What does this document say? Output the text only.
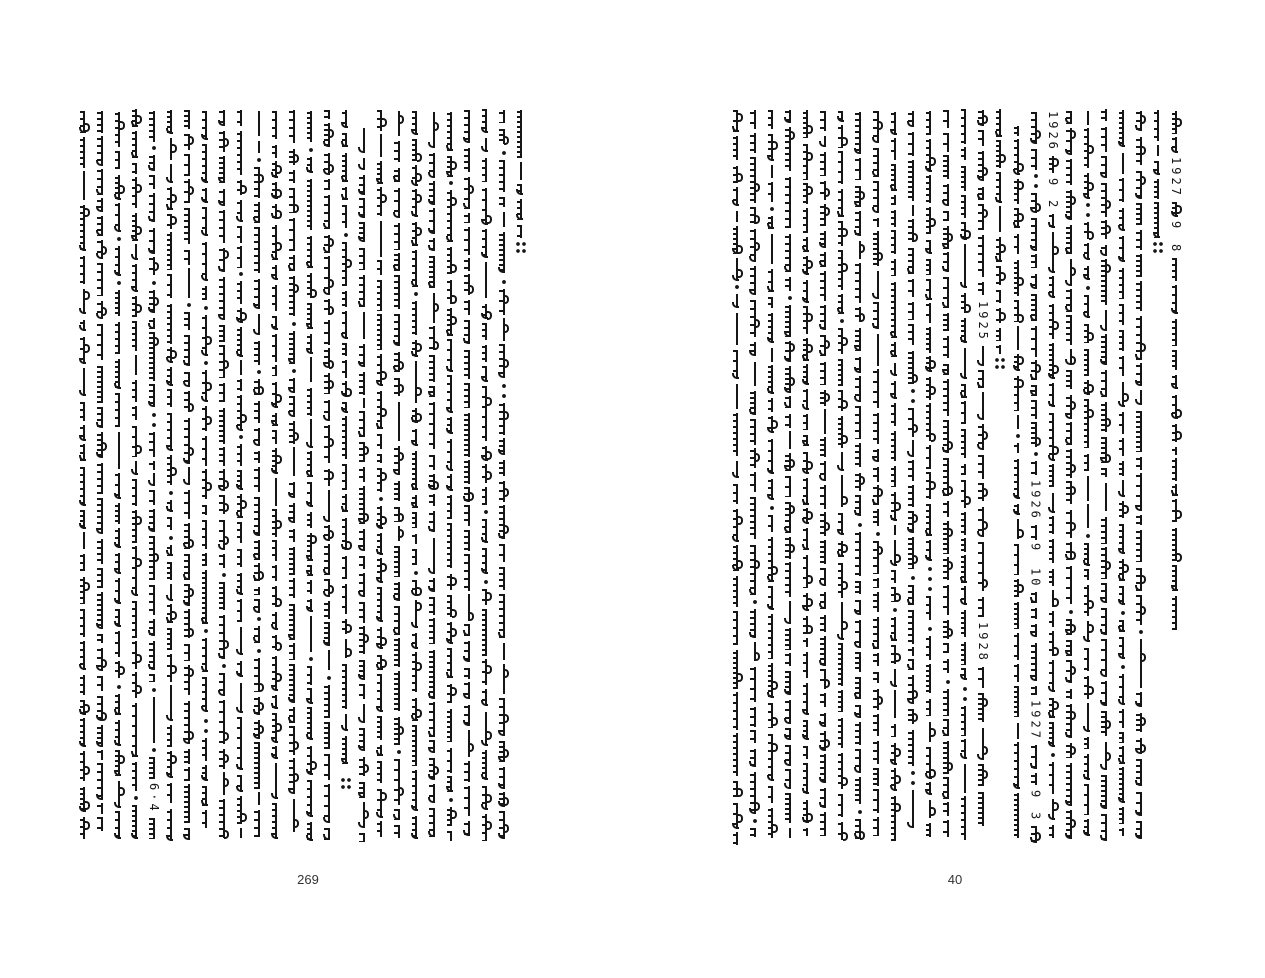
6·4
269
1925
1928
1926
9
10
1927
9
3
1926
9
2
1927
9
8
40
